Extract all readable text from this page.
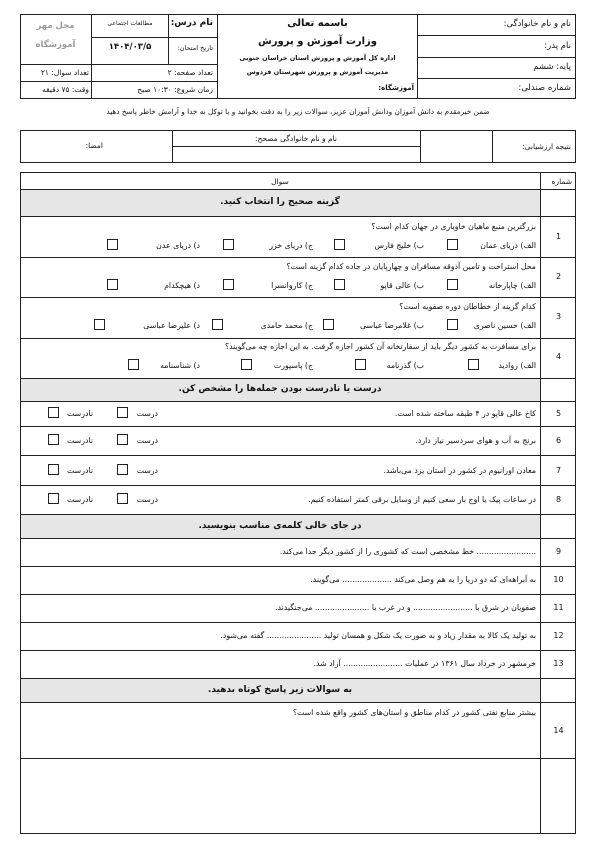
نام و نام خانوادگی:
نام پدر:
پایه: ششم
شماره صندلی:
باسمه تعالی
وزارت آموزش و پرورش
اداره کل آموزش و پرورش استان خراسان جنوبی
مدیریت آموزش و پرورش شهرستان فردوس
آموزشگاه:
نام درس:
مطالعات اجتماعی
تاریخ امتحان:
۱۴۰۴/۰۳/۵
تعداد صفحه: ۲
تعداد سوال: ۲۱
زمان شروع: ۱۰:۳۰ صبح
وقت: ۷۵ دقیقه
محل مهر
آموزشگاه
ضمن خیرمقدم به دانش آموزان ودانش آموزان عزیز، سوالات زیر را به دقت بخوانید و با توکل به خدا و آرامش خاطر پاسخ دهید
نتیجه ارزشیابی:
نام و نام خانوادگی مصحح:
امضا:
شماره
سوال
گزینه صحیح را انتخاب کنید.
1
بزرگترین منبع ماهیان خاویاری در جهان کدام است؟
الف) دریای عمان
ب) خلیج فارس
ج) دریای خزر
د) دریای عدن
2
محل استراحت و تامین آذوقه مسافران و چهارپایان در جاده کدام گزینه است؟
الف) چاپارخانه
ب) عالی قاپو
ج) کاروانسرا
د) هیچکدام
3
کدام گزینه از خطاطان دوره صفویه است؟
الف) حسین ناصری
ب) غلامرضا عباسی
ج) محمد حامدی
د) علیرضا عباسی
4
برای مسافرت به کشور دیگر باید از سفارتخانه آن کشور اجازه گرفت. به این اجازه چه می‌گویند؟
الف) روادید
ب) گذرنامه
ج) پاسپورت
د) شناسنامه
درست یا نادرست بودن جمله‌ها را مشخص کن.
5
کاخ عالی قاپو در ۴ طبقه ساخته شده است.
درست
نادرست
6
برنج به آب و هوای سردسیر نیاز دارد.
درست
نادرست
7
معادن اورانیوم در کشور در استان یزد می‌باشد.
درست
نادرست
8
در ساعات پیک یا اوج بار سعی کنیم از وسایل برقی کمتر استفاده کنیم.
درست
نادرست
در جای خالی کلمه‌ی مناسب بنویسید.
9
........................ خط مشخصی است که کشوری را از کشور دیگر جدا می‌کند.
10
به آبراهه‌ای که دو دریا را به هم وصل می‌کند .................... می‌گویند.
11
صفویان در شرق با ........................ و در غرب با ...................... می‌جنگیدند.
12
به تولید یک کالا به مقدار زیاد و به صورت یک شکل و همسان تولید ...................... گفته می‌شود.
13
خرمشهر در خرداد سال ۱۳۶۱ در عملیات ........................ آزاد شد.
به سوالات زیر پاسخ کوتاه بدهید.
14
بیشتر منابع نفتی کشور در کدام مناطق و استان‌های کشور واقع شده است؟
